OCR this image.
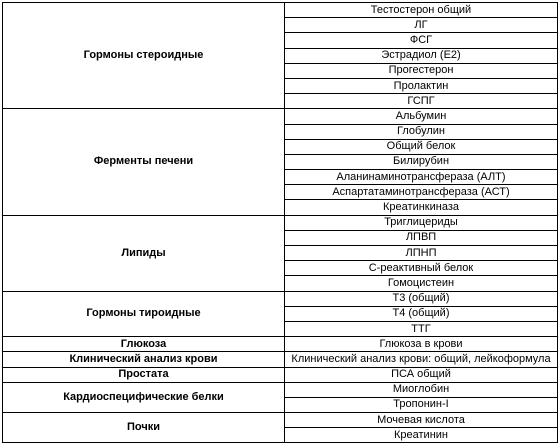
Гормоны стероидные	Тестостерон общий
	ЛГ
	ФСГ
	Эстрадиол (Е2)
	Прогестерон
	Пролактин
	ГСПГ
Ферменты печени	Альбумин
	Глобулин
	Общий белок
	Билирубин
	Аланинаминотрансфераза (АЛТ)
	Аспартатаминотрансфераза (АСТ)
	Креатинкиназа
Липиды	Триглицериды
	ЛПВП
	ЛПНП
	С-реактивный белок
	Гомоцистеин
Гормоны тироидные	Т3 (общий)
	Т4 (общий)
	ТТГ
Глюкоза	Глюкоза в крови
Клинический анализ крови	Клинический анализ крови: общий, лейкоформула
Простата	ПСА общий
Кардиоспецифические белки	Миоглобин
	Тропонин-I
Почки	Мочевая кислота
	Креатинин
